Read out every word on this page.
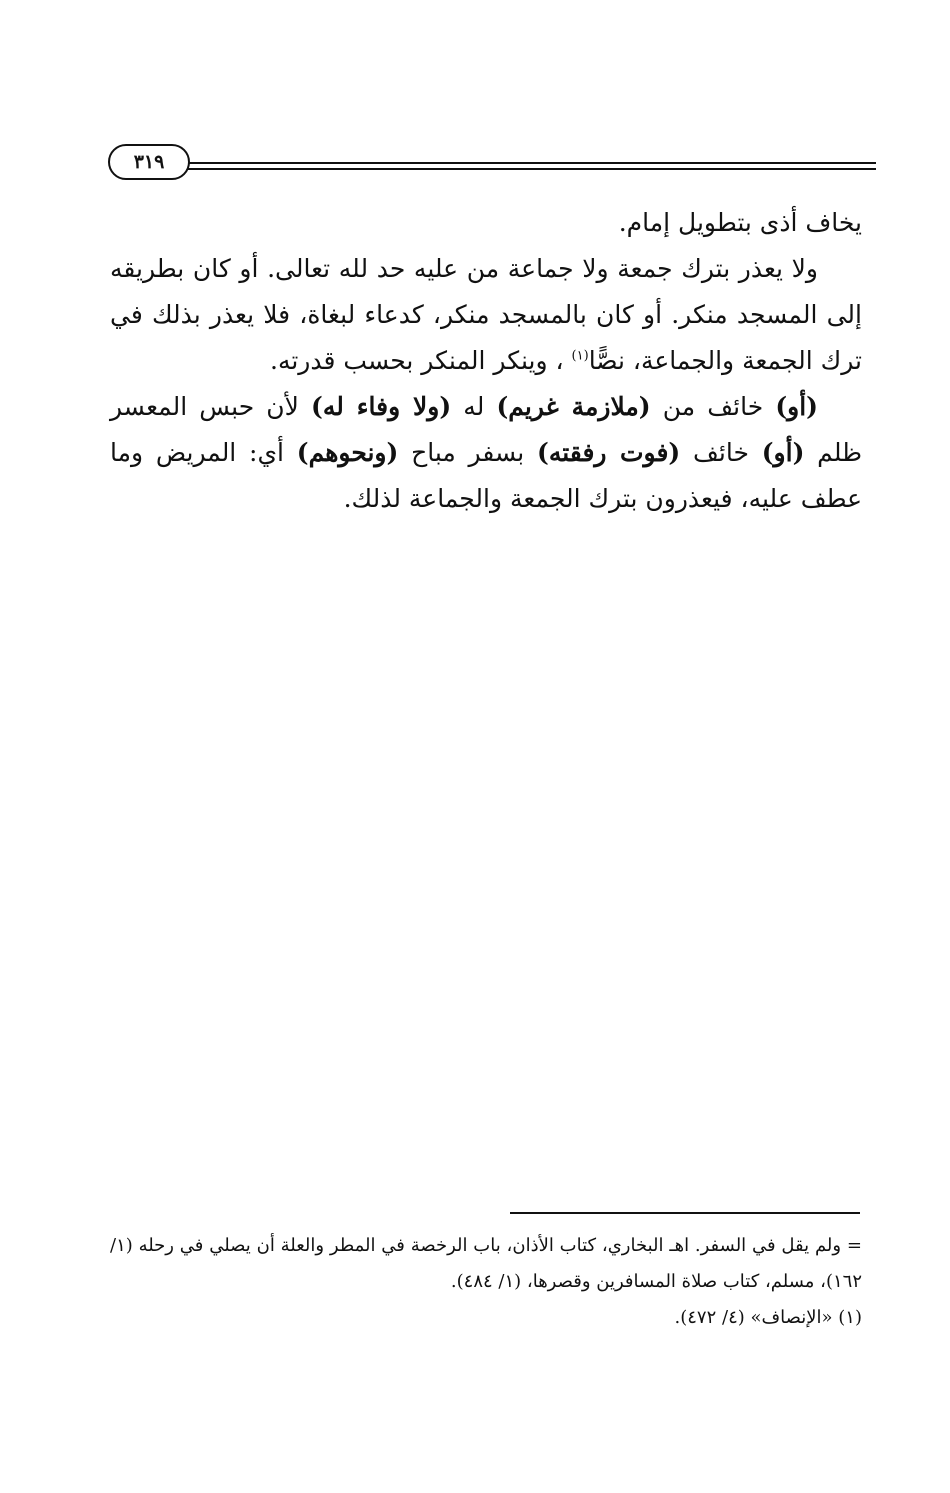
٣١٩

يخاف أذى بتطويل إمام.

ولا يعذر بترك جمعة ولا جماعة من عليه حد لله تعالى. أو كان بطريقه إلى المسجد منكر. أو كان بالمسجد منكر، كدعاء لبغاة، فلا يعذر بذلك في ترك الجمعة والجماعة، نصًّا$^{(١)}$ ، وينكر المنكر بحسب قدرته.

(أو) خائف من (ملازمة غريم) له (ولا وفاء له) لأن حبس المعسر ظلم (أو) خائف (فوت رفقته) بسفر مباح (ونحوهم) أي: المريض وما عطف عليه، فيعذرون بترك الجمعة والجماعة لذلك.

= ولم يقل في السفر. اهـ البخاري، كتاب الأذان، باب الرخصة في المطر والعلة أن يصلي في رحله (١/ ١٦٢)، مسلم، كتاب صلاة المسافرين وقصرها، (١/ ٤٨٤).

(١) «الإنصاف» (٤/ ٤٧٢).
